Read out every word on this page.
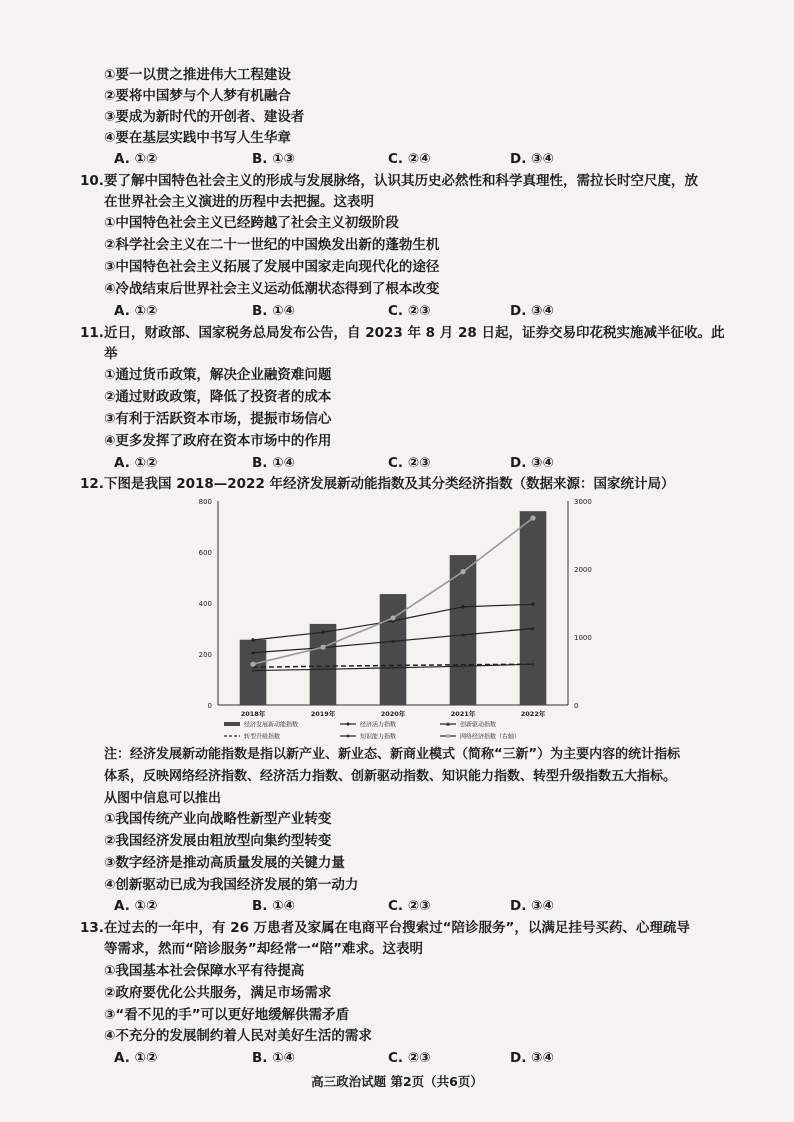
①要一以贯之推进伟大工程建设
②要将中国梦与个人梦有机融合
③要成为新时代的开创者、建设者
④要在基层实践中书写人生华章
A. ①②	B. ①③	C. ②④	D. ③④
10. 要了解中国特色社会主义的形成与发展脉络，认识其历史必然性和科学真理性，需拉长时空尺度，放
在世界社会主义演进的历程中去把握。这表明
①中国特色社会主义已经跨越了社会主义初级阶段
②科学社会主义在二十一世纪的中国焕发出新的蓬勃生机
③中国特色社会主义拓展了发展中国家走向现代化的途径
④冷战结束后世界社会主义运动低潮状态得到了根本改变
A. ①②	B. ①④	C. ②③	D. ③④
11. 近日，财政部、国家税务总局发布公告，自 2023 年 8 月 28 日起，证券交易印花税实施减半征收。此
举
①通过货币政策，解决企业融资难问题
②通过财政政策，降低了投资者的成本
③有利于活跃资本市场，提振市场信心
④更多发挥了政府在资本市场中的作用
A. ①②	B. ①④	C. ②③	D. ③④
12. 下图是我国 2018—2022 年经济发展新动能指数及其分类经济指数（数据来源：国家统计局）
0
200
400
600
800
0
1000
2000
3000
2018年	2019年	2020年	2021年	2022年
经济发展新动能指数	经济活力指数	创新驱动指数
转型升级指数	知识能力指数	网络经济指数（右轴）
注：经济发展新动能指数是指以新产业、新业态、新商业模式（简称“三新”）为主要内容的统计指标
体系，反映网络经济指数、经济活力指数、创新驱动指数、知识能力指数、转型升级指数五大指标。
从图中信息可以推出
①我国传统产业向战略性新型产业转变
②我国经济发展由粗放型向集约型转变
③数字经济是推动高质量发展的关键力量
④创新驱动已成为我国经济发展的第一动力
A. ①②	B. ①④	C. ②③	D. ③④
13. 在过去的一年中，有 26 万患者及家属在电商平台搜索过“陪诊服务”，以满足挂号买药、心理疏导
等需求，然而“陪诊服务”却经常一“陪”难求。这表明
①我国基本社会保障水平有待提高
②政府要优化公共服务，满足市场需求
③“看不见的手”可以更好地缓解供需矛盾
④不充分的发展制约着人民对美好生活的需求
A. ①②	B. ①④	C. ②③	D. ③④
高三政治试题 第2页（共6页）
